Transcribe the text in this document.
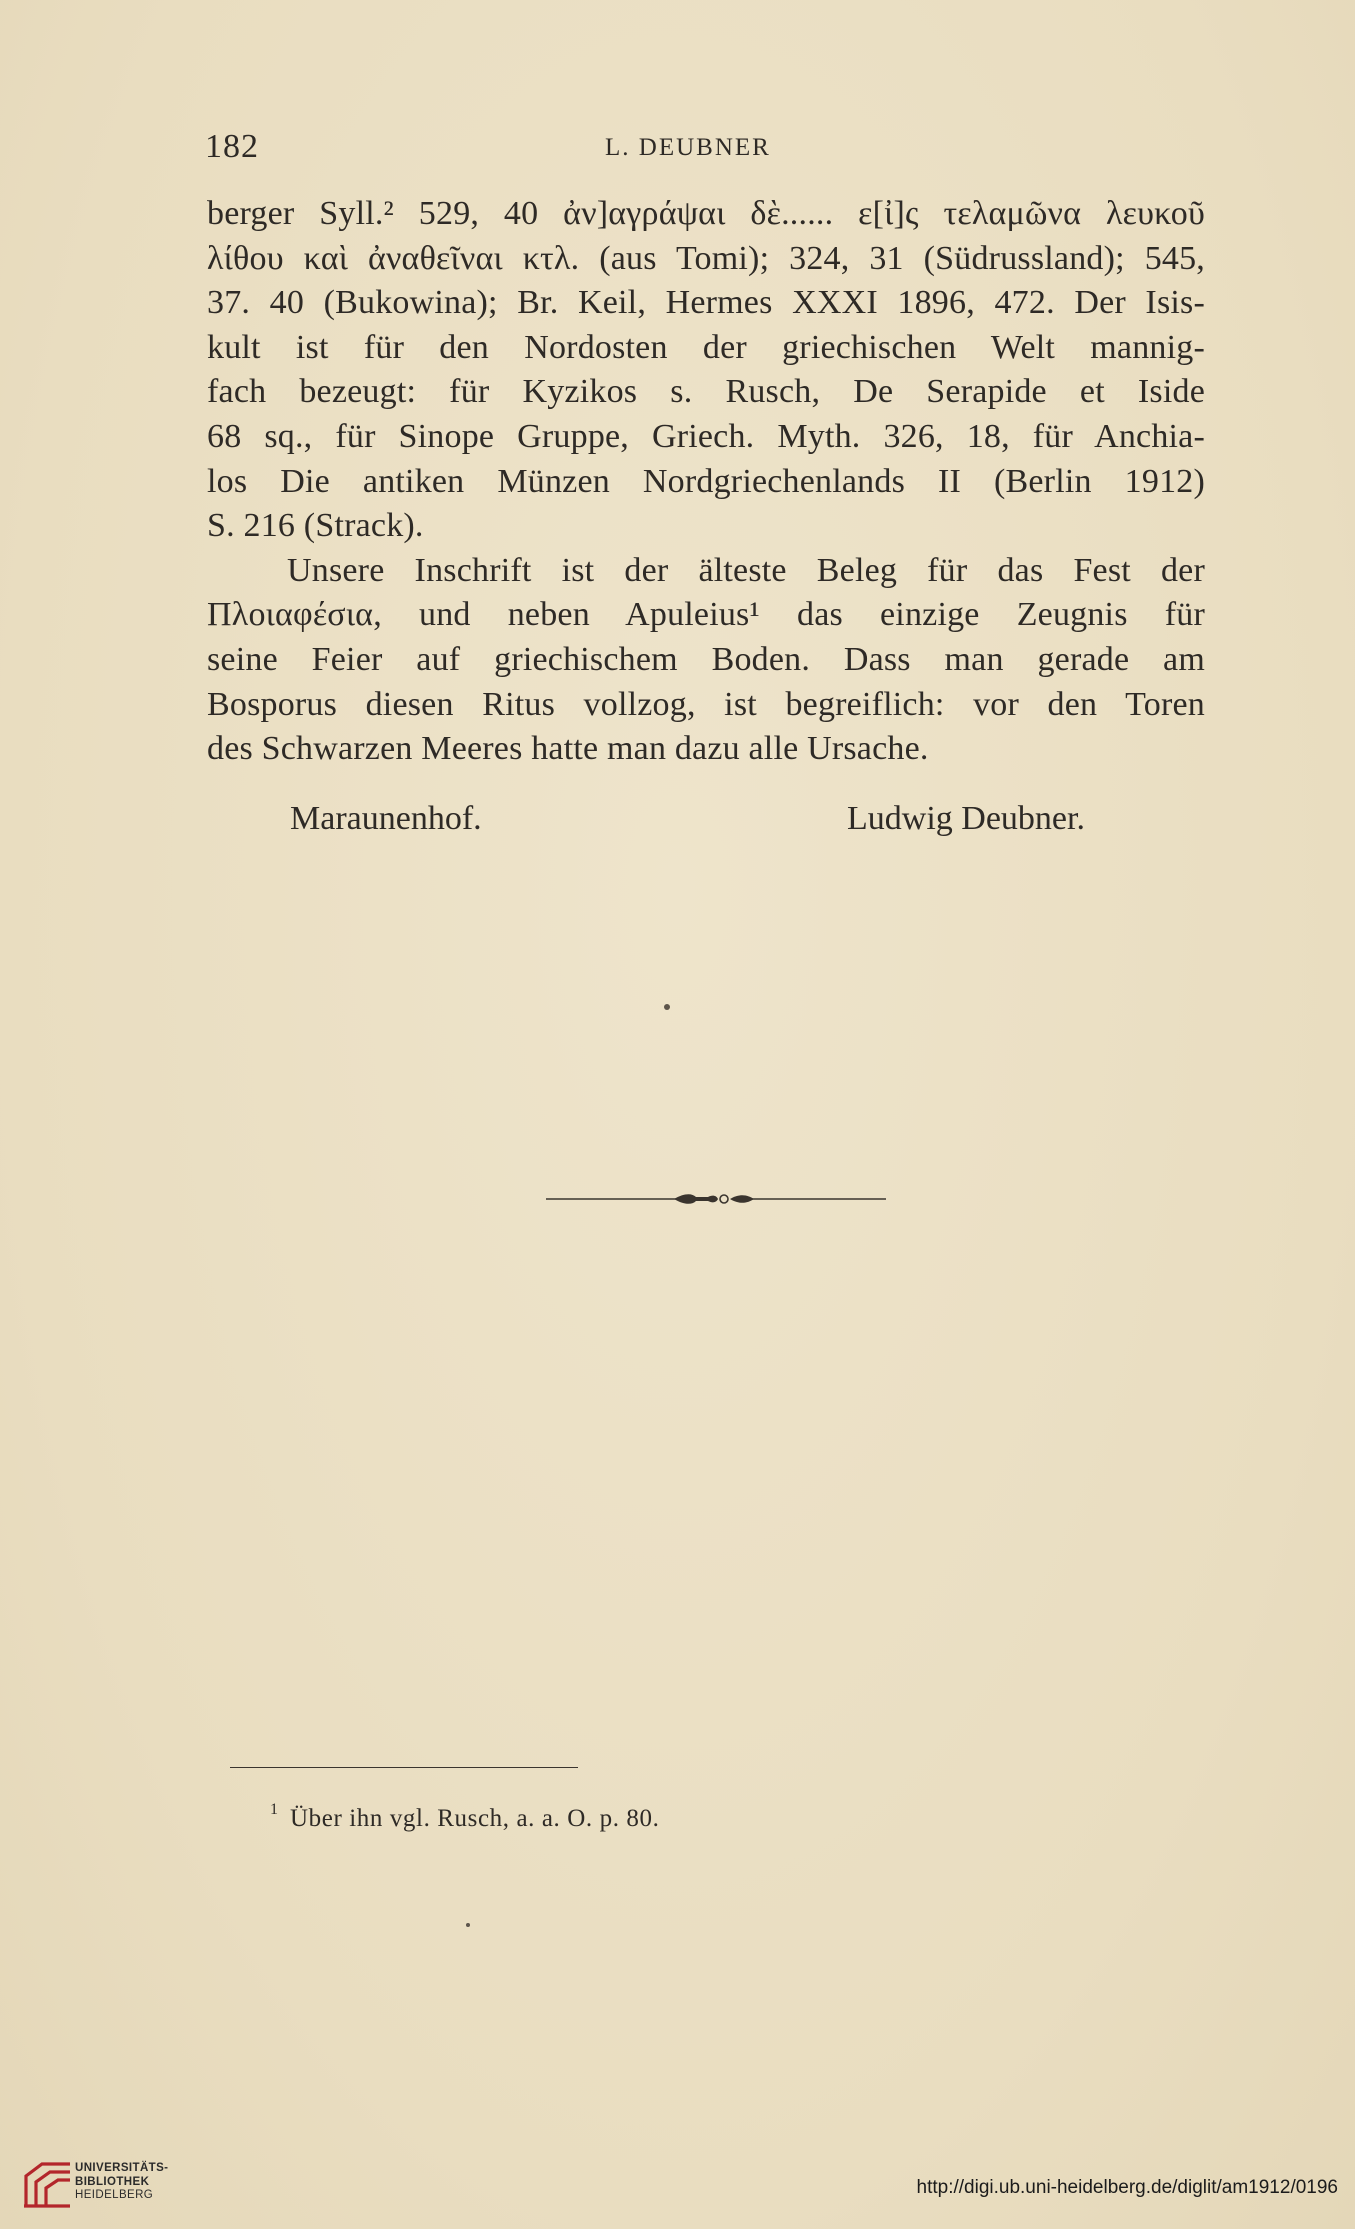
182	L. DEUBNER
berger Syll.² 529, 40 ἀν]αγράψαι δὲ...... ε[ἰ]ς τελαμῶνα λευκοῦ
λίθου καὶ ἀναθεῖναι κτλ. (aus Tomi); 324, 31 (Südrussland); 545,
37. 40 (Bukowina); Br. Keil, Hermes XXXI 1896, 472. Der Isis-
kult ist für den Nordosten der griechischen Welt mannig-
fach bezeugt: für Kyzikos s. Rusch, De Serapide et Iside
68 sq., für Sinope Gruppe, Griech. Myth. 326, 18, für Anchia-
los Die antiken Münzen Nordgriechenlands II (Berlin 1912)
S. 216 (Strack).
Unsere Inschrift ist der älteste Beleg für das Fest der
Πλοιαφέσια, und neben Apuleius¹ das einzige Zeugnis für
seine Feier auf griechischem Boden. Dass man gerade am
Bosporus diesen Ritus vollzog, ist begreiflich: vor den Toren
des Schwarzen Meeres hatte man dazu alle Ursache.
Maraunenhof.	Ludwig Deubner.
1 Über ihn vgl. Rusch, a. a. O. p. 80.
UNIVERSITÄTS-
BIBLIOTHEK
HEIDELBERG	http://digi.ub.uni-heidelberg.de/diglit/am1912/0196
